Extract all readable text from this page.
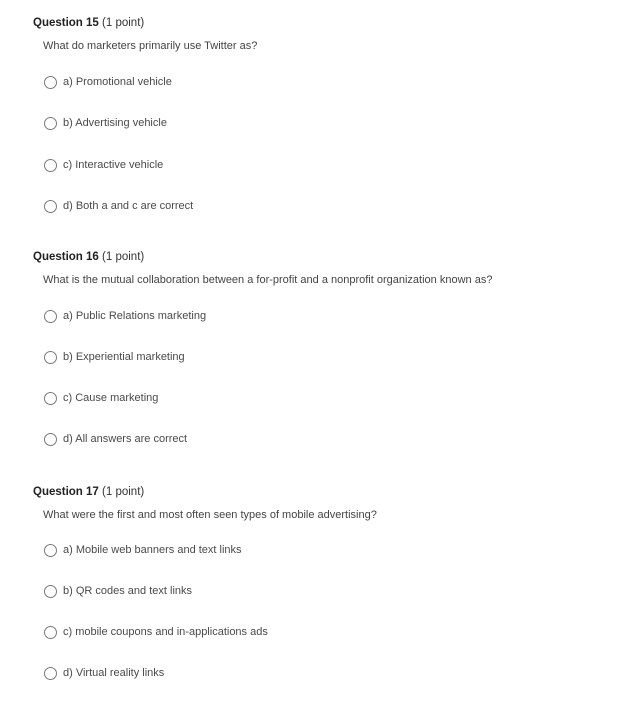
Question 15 (1 point)
What do marketers primarily use Twitter as?
a) Promotional vehicle
b) Advertising vehicle
c) Interactive vehicle
d) Both a and c are correct
Question 16 (1 point)
What is the mutual collaboration between a for-profit and a nonprofit organization known as?
a) Public Relations marketing
b) Experiential marketing
c) Cause marketing
d) All answers are correct
Question 17 (1 point)
What were the first and most often seen types of mobile advertising?
a) Mobile web banners and text links
b) QR codes and text links
c) mobile coupons and in-applications ads
d) Virtual reality links
